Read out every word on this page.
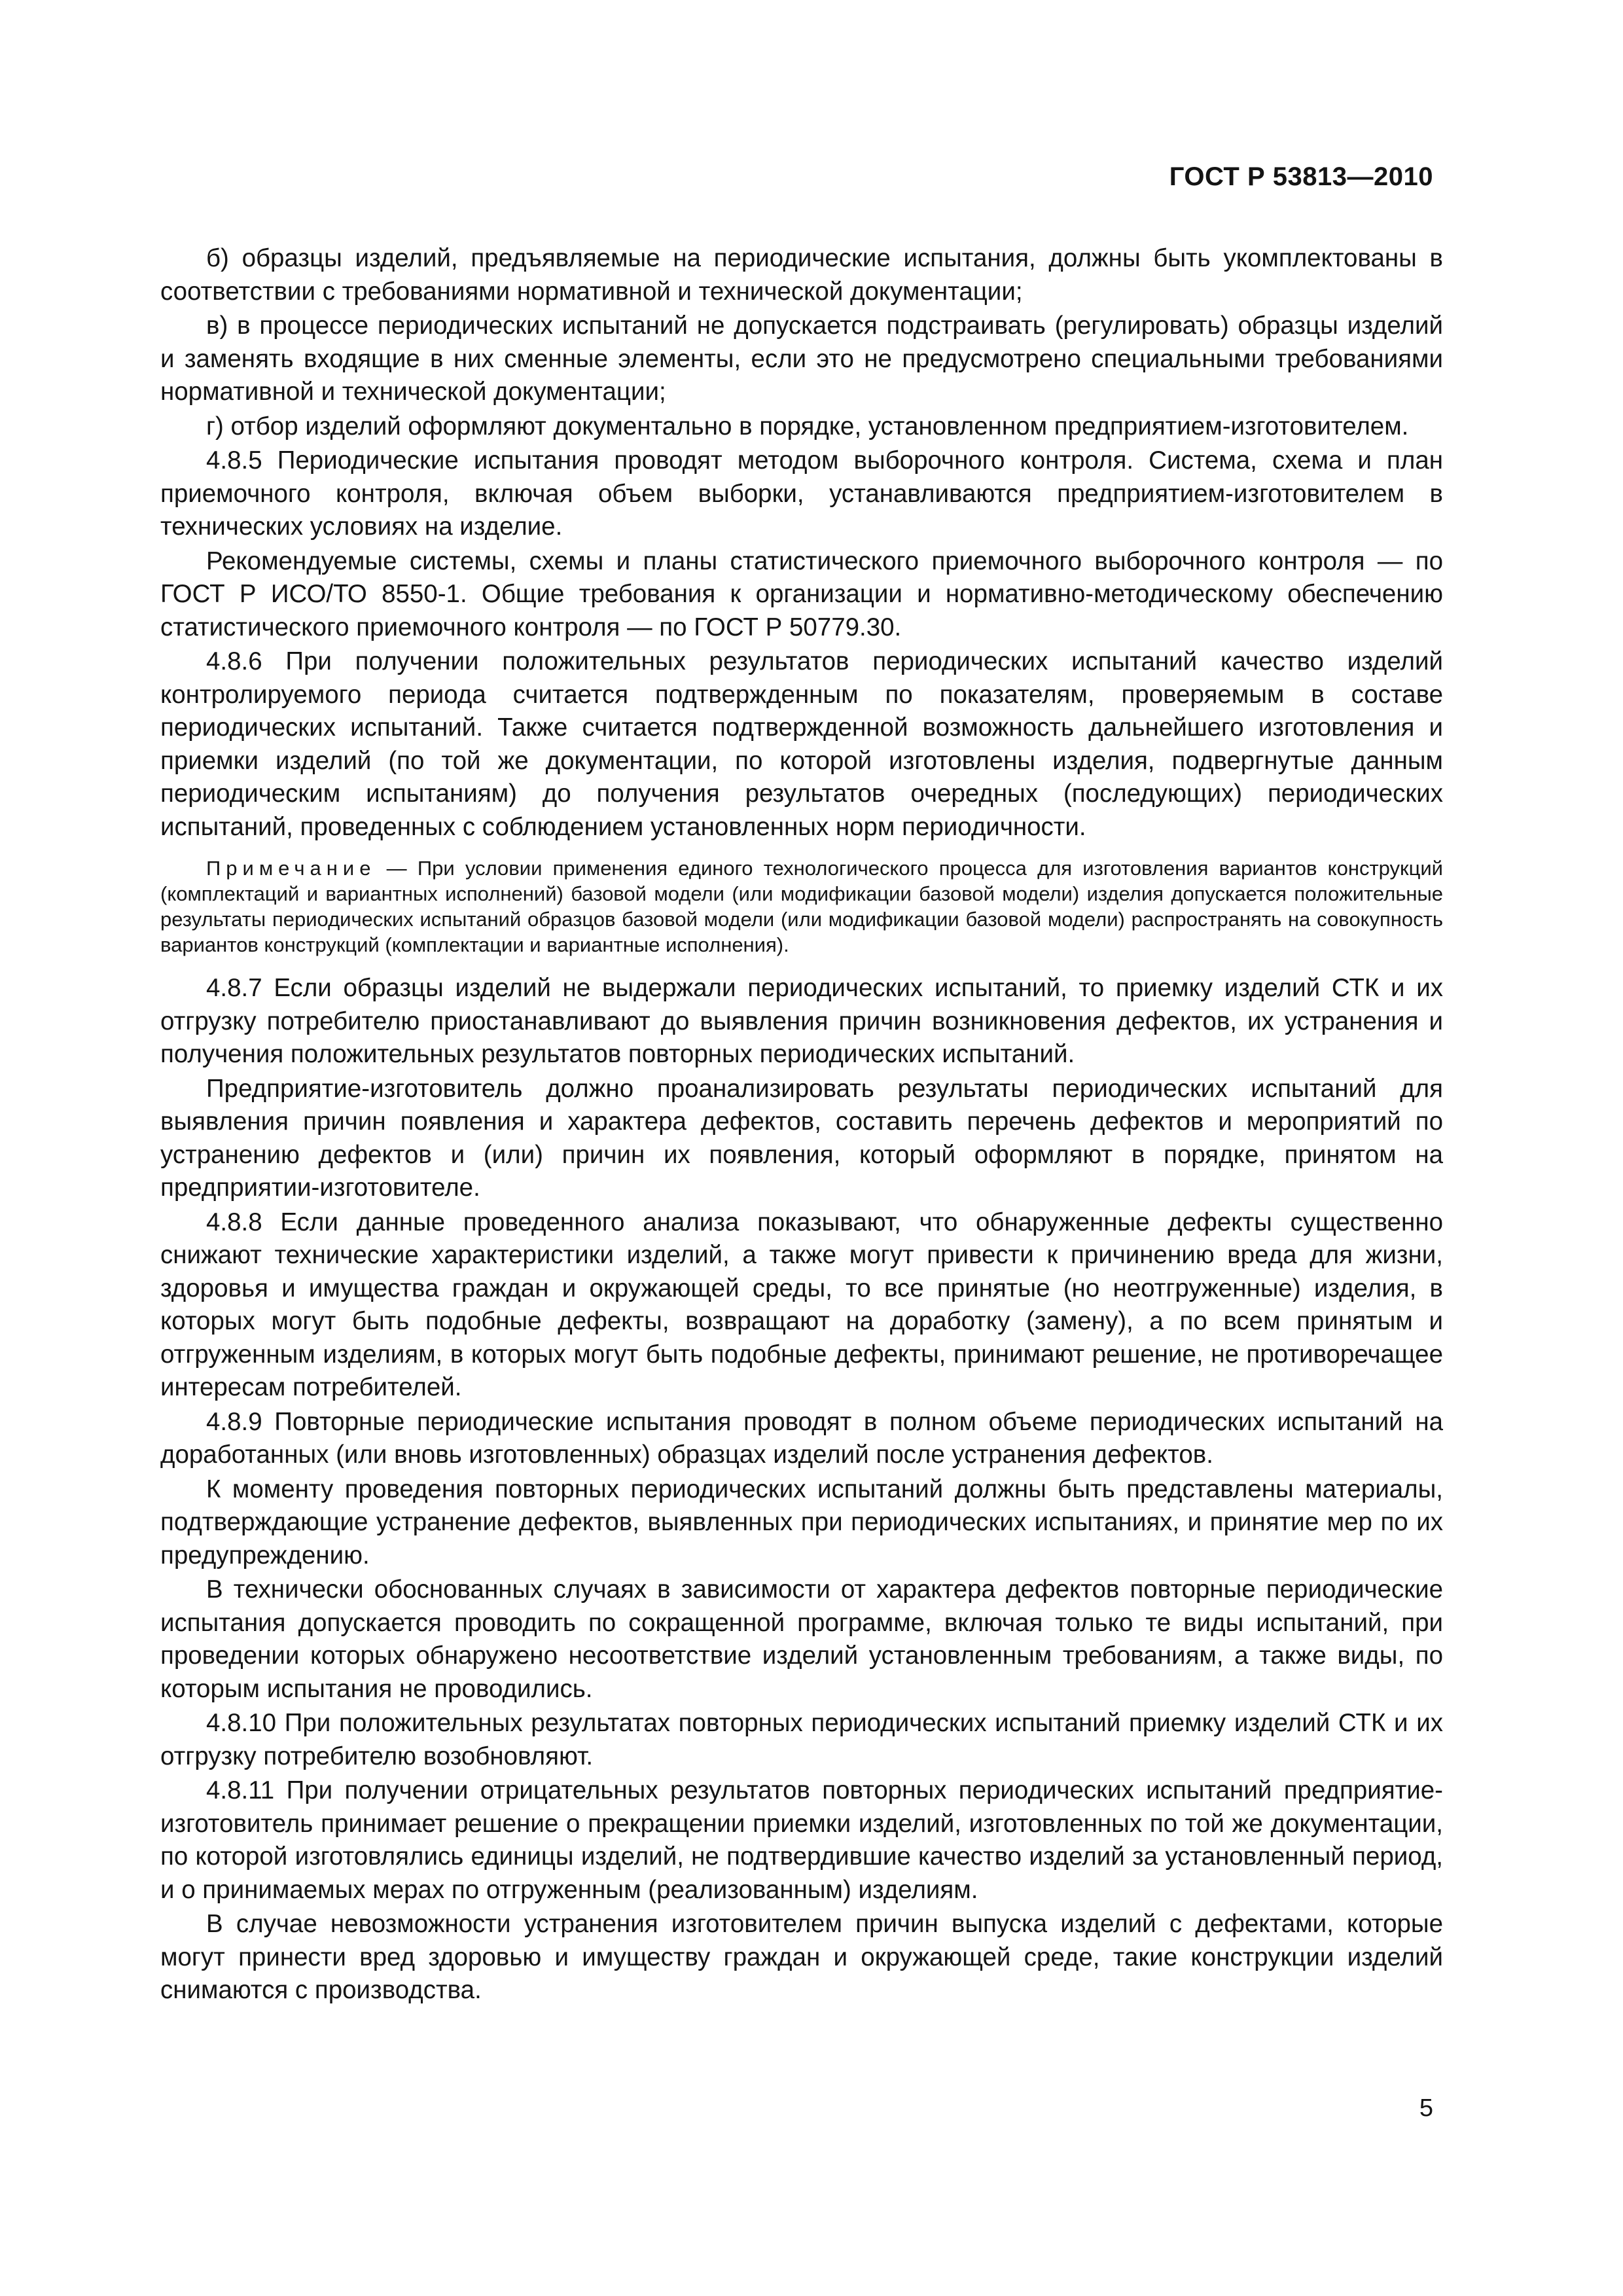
ГОСТ Р 53813—2010

б) образцы изделий, предъявляемые на периодические испытания, должны быть укомплектованы в соответствии с требованиями нормативной и технической документации;

в) в процессе периодических испытаний не допускается подстраивать (регулировать) образцы изделий и заменять входящие в них сменные элементы, если это не предусмотрено специальными требованиями нормативной и технической документации;

г) отбор изделий оформляют документально в порядке, установленном предприятием-изготовителем.

4.8.5 Периодические испытания проводят методом выборочного контроля. Система, схема и план приемочного контроля, включая объем выборки, устанавливаются предприятием-изготовителем в технических условиях на изделие.

Рекомендуемые системы, схемы и планы статистического приемочного выборочного контроля — по ГОСТ Р ИСО/ТО 8550-1. Общие требования к организации и нормативно-методическому обеспечению статистического приемочного контроля — по ГОСТ Р 50779.30.

4.8.6 При получении положительных результатов периодических испытаний качество изделий контролируемого периода считается подтвержденным по показателям, проверяемым в составе периодических испытаний. Также считается подтвержденной возможность дальнейшего изготовления и приемки изделий (по той же документации, по которой изготовлены изделия, подвергнутые данным периодическим испытаниям) до получения результатов очередных (последующих) периодических испытаний, проведенных с соблюдением установленных норм периодичности.

Примечание — При условии применения единого технологического процесса для изготовления вариантов конструкций (комплектаций и вариантных исполнений) базовой модели (или модификации базовой модели) изделия допускается положительные результаты периодических испытаний образцов базовой модели (или модификации базовой модели) распространять на совокупность вариантов конструкций (комплектации и вариантные исполнения).

4.8.7 Если образцы изделий не выдержали периодических испытаний, то приемку изделий СТК и их отгрузку потребителю приостанавливают до выявления причин возникновения дефектов, их устранения и получения положительных результатов повторных периодических испытаний.

Предприятие-изготовитель должно проанализировать результаты периодических испытаний для выявления причин появления и характера дефектов, составить перечень дефектов и мероприятий по устранению дефектов и (или) причин их появления, который оформляют в порядке, принятом на предприятии-изготовителе.

4.8.8 Если данные проведенного анализа показывают, что обнаруженные дефекты существенно снижают технические характеристики изделий, а также могут привести к причинению вреда для жизни, здоровья и имущества граждан и окружающей среды, то все принятые (но неотгруженные) изделия, в которых могут быть подобные дефекты, возвращают на доработку (замену), а по всем принятым и отгруженным изделиям, в которых могут быть подобные дефекты, принимают решение, не противоречащее интересам потребителей.

4.8.9 Повторные периодические испытания проводят в полном объеме периодических испытаний на доработанных (или вновь изготовленных) образцах изделий после устранения дефектов.

К моменту проведения повторных периодических испытаний должны быть представлены материалы, подтверждающие устранение дефектов, выявленных при периодических испытаниях, и принятие мер по их предупреждению.

В технически обоснованных случаях в зависимости от характера дефектов повторные периодические испытания допускается проводить по сокращенной программе, включая только те виды испытаний, при проведении которых обнаружено несоответствие изделий установленным требованиям, а также виды, по которым испытания не проводились.

4.8.10 При положительных результатах повторных периодических испытаний приемку изделий СТК и их отгрузку потребителю возобновляют.

4.8.11 При получении отрицательных результатов повторных периодических испытаний предприятие-изготовитель принимает решение о прекращении приемки изделий, изготовленных по той же документации, по которой изготовлялись единицы изделий, не подтвердившие качество изделий за установленный период, и о принимаемых мерах по отгруженным (реализованным) изделиям.

В случае невозможности устранения изготовителем причин выпуска изделий с дефектами, которые могут принести вред здоровью и имуществу граждан и окружающей среде, такие конструкции изделий снимаются с производства.

5
